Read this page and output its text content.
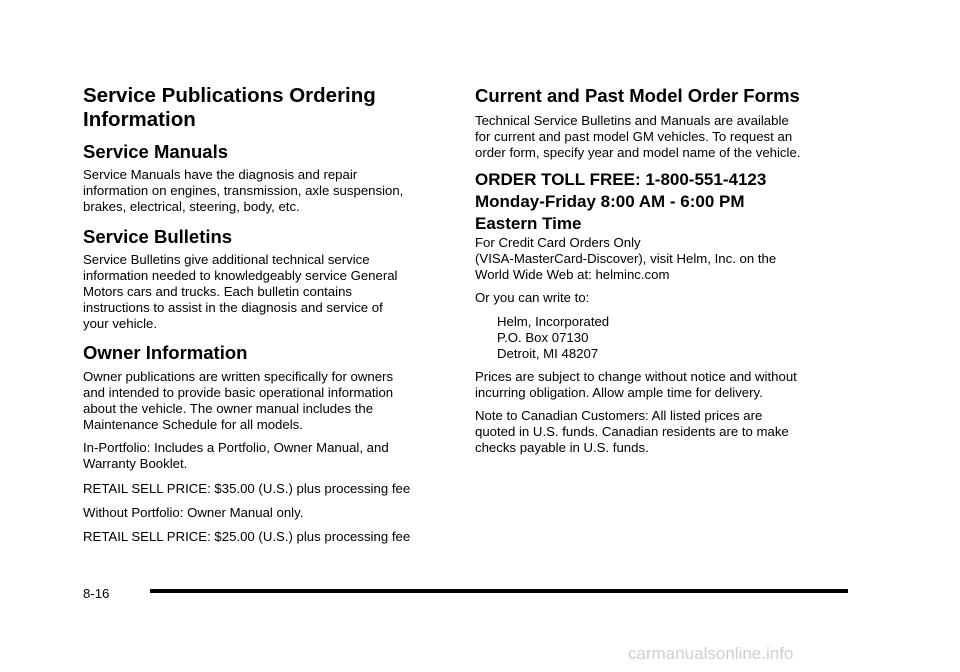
Service Publications Ordering
Information
Service Manuals
Service Manuals have the diagnosis and repair
information on engines, transmission, axle suspension,
brakes, electrical, steering, body, etc.
Service Bulletins
Service Bulletins give additional technical service
information needed to knowledgeably service General
Motors cars and trucks. Each bulletin contains
instructions to assist in the diagnosis and service of
your vehicle.
Owner Information
Owner publications are written specifically for owners
and intended to provide basic operational information
about the vehicle. The owner manual includes the
Maintenance Schedule for all models.
In-Portfolio: Includes a Portfolio, Owner Manual, and
Warranty Booklet.
RETAIL SELL PRICE: $35.00 (U.S.) plus processing fee
Without Portfolio: Owner Manual only.
RETAIL SELL PRICE: $25.00 (U.S.) plus processing fee
Current and Past Model Order Forms
Technical Service Bulletins and Manuals are available
for current and past model GM vehicles. To request an
order form, specify year and model name of the vehicle.
ORDER TOLL FREE: 1-800-551-4123
Monday-Friday 8:00 AM - 6:00 PM
Eastern Time
For Credit Card Orders Only
(VISA-MasterCard-Discover), visit Helm, Inc. on the
World Wide Web at: helminc.com
Or you can write to:
Helm, Incorporated
P.O. Box 07130
Detroit, MI 48207
Prices are subject to change without notice and without
incurring obligation. Allow ample time for delivery.
Note to Canadian Customers: All listed prices are
quoted in U.S. funds. Canadian residents are to make
checks payable in U.S. funds.
8-16
carmanualsonline.info
